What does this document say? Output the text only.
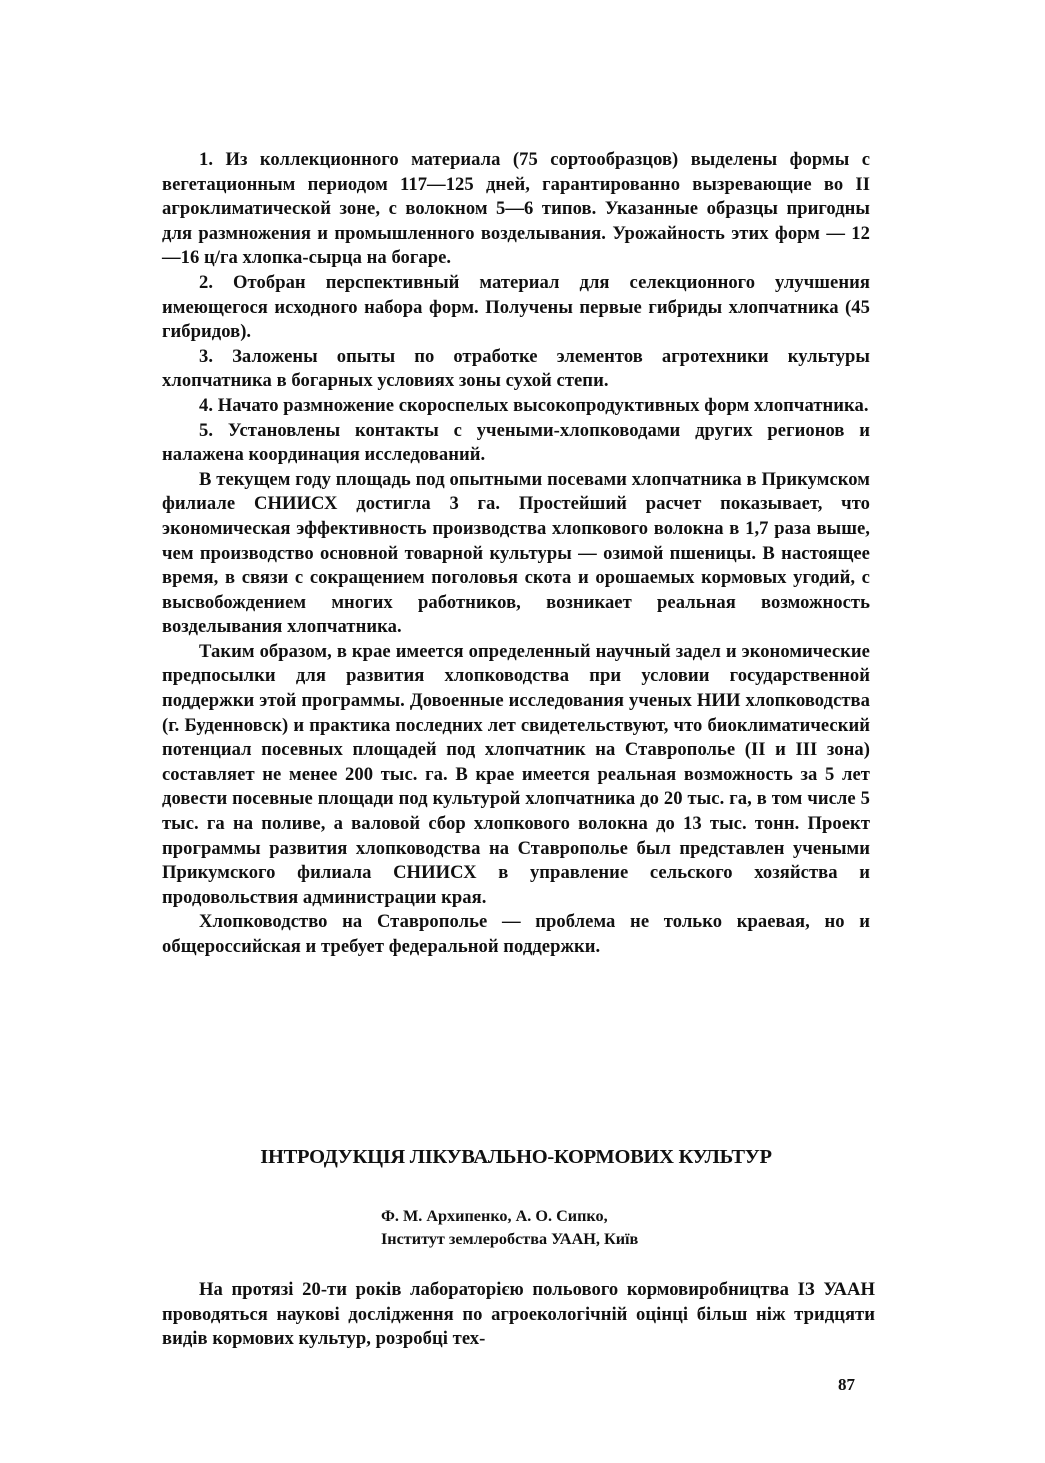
1. Из коллекционного материала (75 сортообразцов) выделены формы с вегетационным периодом 117—125 дней, гарантированно вызревающие во II агроклиматической зоне, с волокном 5—6 типов. Указанные образцы пригодны для размножения и промышленного возделывания. Урожайность этих форм — 12—16 ц/га хлопка-сырца на богаре.

2. Отобран перспективный материал для селекционного улучшения имеющегося исходного набора форм. Получены первые гибриды хлопчатника (45 гибридов).

3. Заложены опыты по отработке элементов агротехники культуры хлопчатника в богарных условиях зоны сухой степи.

4. Начато размножение скороспелых высокопродуктивных форм хлопчатника.

5. Установлены контакты с учеными-хлопководами других регионов и налажена координация исследований.

В текущем году площадь под опытными посевами хлопчатника в Прикумском филиале СНИИСХ достигла 3 га. Простейший расчет показывает, что экономическая эффективность производства хлопкового волокна в 1,7 раза выше, чем производство основной товарной культуры — озимой пшеницы. В настоящее время, в связи с сокращением поголовья скота и орошаемых кормовых угодий, с высвобождением многих работников, возникает реальная возможность возделывания хлопчатника.

Таким образом, в крае имеется определенный научный задел и экономические предпосылки для развития хлопководства при условии государственной поддержки этой программы. Довоенные исследования ученых НИИ хлопководства (г. Буденновск) и практика последних лет свидетельствуют, что биоклиматический потенциал посевных площадей под хлопчатник на Ставрополье (II и III зона) составляет не менее 200 тыс. га. В крае имеется реальная возможность за 5 лет довести посевные площади под культурой хлопчатника до 20 тыс. га, в том числе 5 тыс. га на поливе, а валовой сбор хлопкового волокна до 13 тыс. тонн. Проект программы развития хлопководства на Ставрополье был представлен учеными Прикумского филиала СНИИСХ в управление сельского хозяйства и продовольствия администрации края.

Хлопководство на Ставрополье — проблема не только краевая, но и общероссийская и требует федеральной поддержки.

ІНТРОДУКЦІЯ ЛІКУВАЛЬНО-КОРМОВИХ КУЛЬТУР
Ф. М. Архипенко, А. О. Сипко,
Інститут землеробства УААН, Київ

На протязі 20-ти років лабораторією польового кормовиробництва ІЗ УААН проводяться наукові дослідження по агроекологічній оцінці більш ніж тридцяти видів кормових культур, розробці тех-

87
